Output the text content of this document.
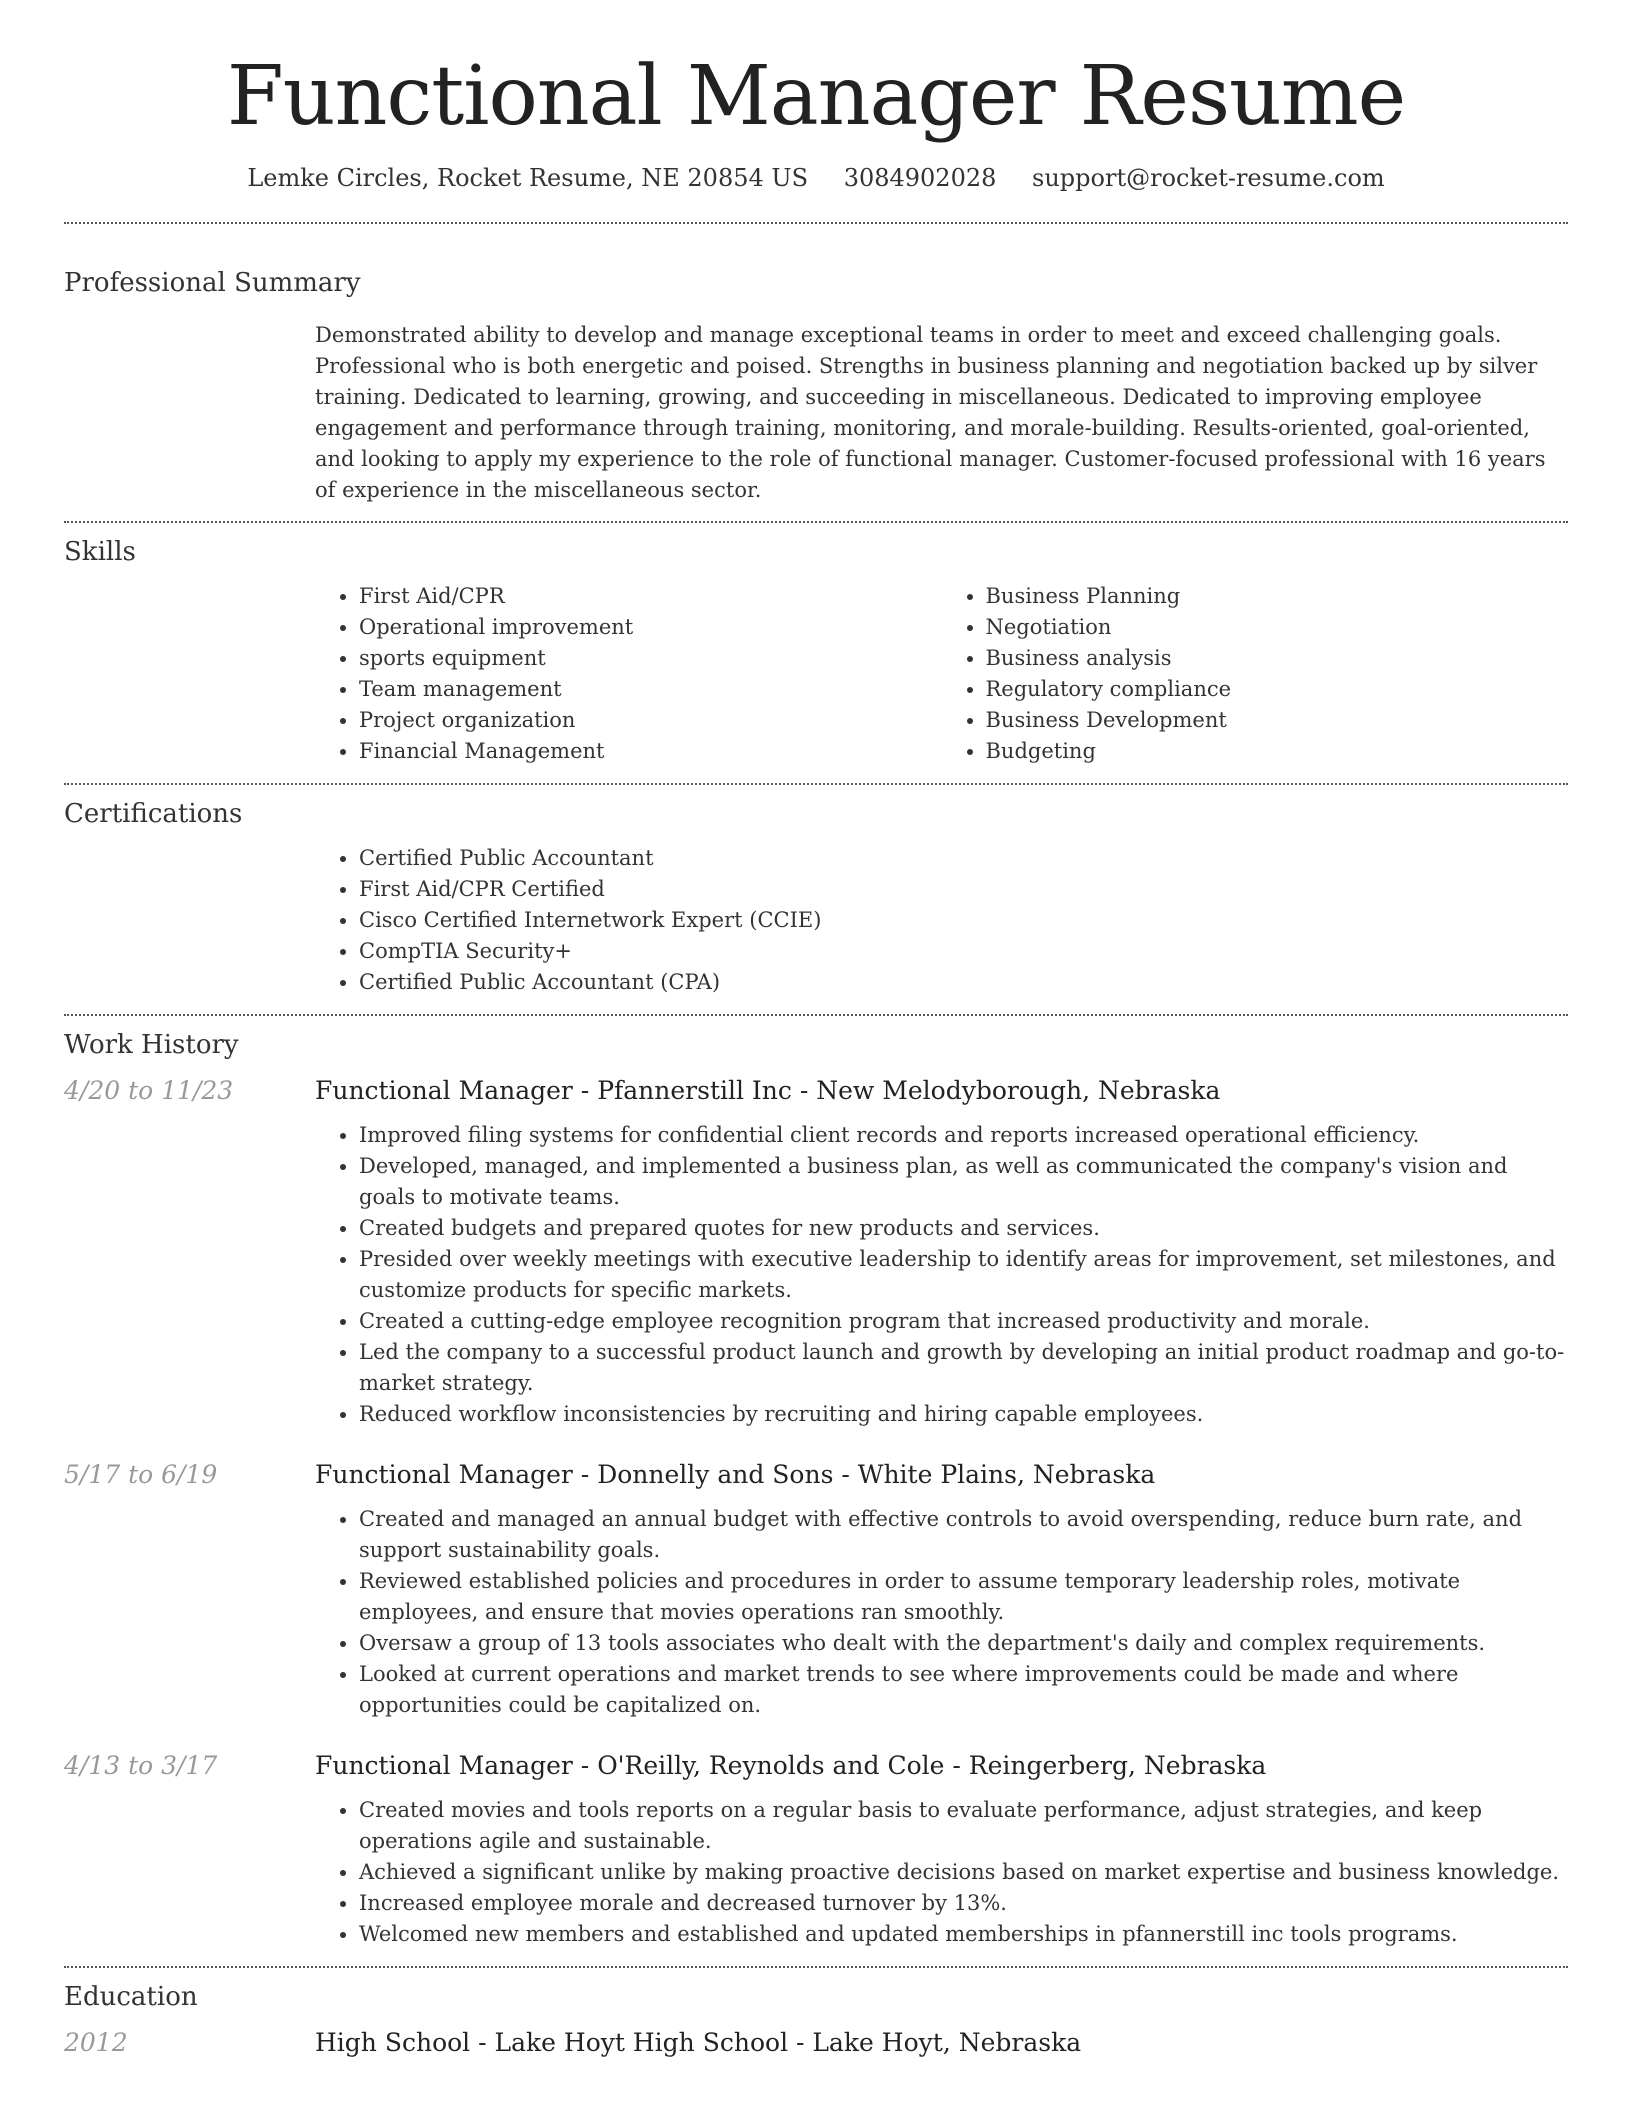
Functional Manager Resume
Lemke Circles, Rocket Resume, NE 20854 US 3084902028 support@rocket-resume.com
Professional Summary

Demonstrated ability to develop and manage exceptional teams in order to meet and exceed challenging goals. Professional who is both energetic and poised. Strengths in business planning and negotiation backed up by silver training. Dedicated to learning, growing, and succeeding in miscellaneous. Dedicated to improving employee engagement and performance through training, monitoring, and morale-building. Results-oriented, goal-oriented, and looking to apply my experience to the role of functional manager. Customer-focused professional with 16 years of experience in the miscellaneous sector.

Skills
• First Aid/CPR
• Operational improvement
• sports equipment
• Team management
• Project organization
• Financial Management
• Business Planning
• Negotiation
• Business analysis
• Regulatory compliance
• Business Development
• Budgeting
Certifications
• Certified Public Accountant
• First Aid/CPR Certified
• Cisco Certified Internetwork Expert (CCIE)
• CompTIA Security+
• Certified Public Accountant (CPA)
Work History
4/20 to 11/23	Functional Manager - Pfannerstill Inc - New Melodyborough, Nebraska
• Improved filing systems for confidential client records and reports increased operational efficiency.
• Developed, managed, and implemented a business plan, as well as communicated the company's vision and goals to motivate teams.
• Created budgets and prepared quotes for new products and services.
• Presided over weekly meetings with executive leadership to identify areas for improvement, set milestones, and customize products for specific markets.
• Created a cutting-edge employee recognition program that increased productivity and morale.
• Led the company to a successful product launch and growth by developing an initial product roadmap and go-to-market strategy.
• Reduced workflow inconsistencies by recruiting and hiring capable employees.
5/17 to 6/19	Functional Manager - Donnelly and Sons - White Plains, Nebraska
• Created and managed an annual budget with effective controls to avoid overspending, reduce burn rate, and support sustainability goals.
• Reviewed established policies and procedures in order to assume temporary leadership roles, motivate employees, and ensure that movies operations ran smoothly.
• Oversaw a group of 13 tools associates who dealt with the department's daily and complex requirements.
• Looked at current operations and market trends to see where improvements could be made and where opportunities could be capitalized on.
4/13 to 3/17	Functional Manager - O'Reilly, Reynolds and Cole - Reingerberg, Nebraska
• Created movies and tools reports on a regular basis to evaluate performance, adjust strategies, and keep operations agile and sustainable.
• Achieved a significant unlike by making proactive decisions based on market expertise and business knowledge.
• Increased employee morale and decreased turnover by 13%.
• Welcomed new members and established and updated memberships in pfannerstill inc tools programs.
Education
2012	High School - Lake Hoyt High School - Lake Hoyt, Nebraska
